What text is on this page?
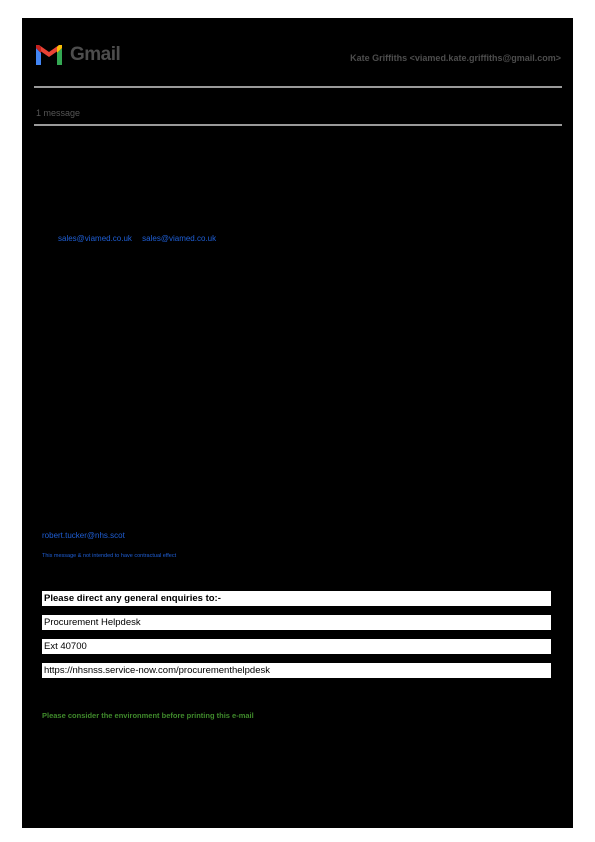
Gmail	Kate Griffiths <viamed.kate.griffiths@gmail.com>
1 message
sales@viamed.co.uk sales@viamed.co.uk
robert.tucker@nhs.scot
This message & not intended to have contractual effect
Please direct any general enquiries to:-
Procurement Helpdesk
Ext 40700
https://nhsnss.service-now.com/procurementhelpdesk
Please consider the environment before printing this e-mail
